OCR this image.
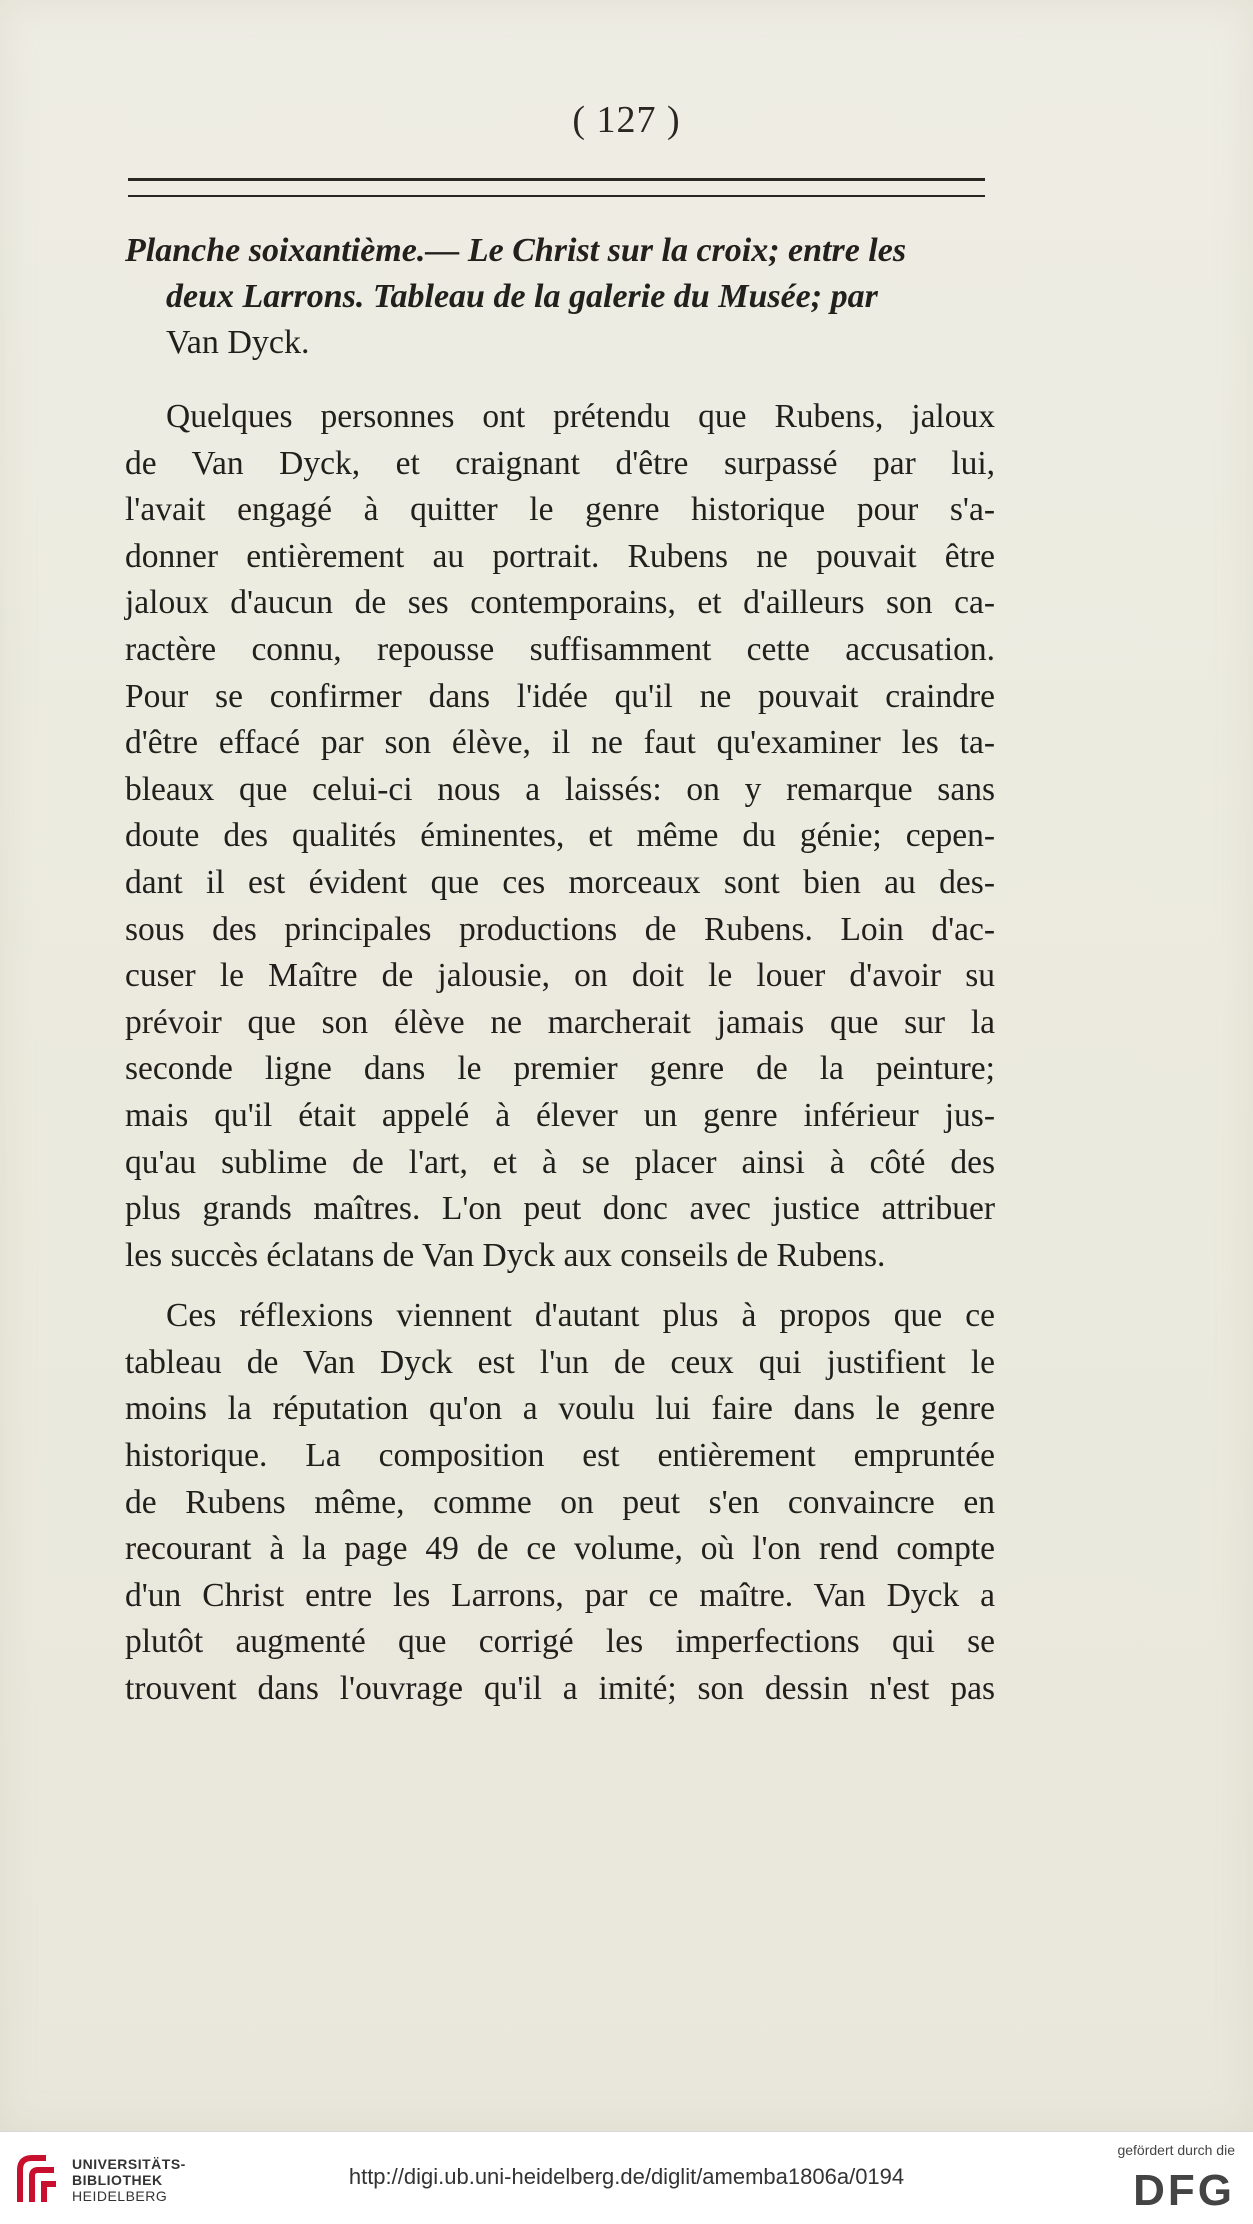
( 127 )
Planche soixantième.— Le Christ sur la croix; entre les
deux Larrons. Tableau de la galerie du Musée; par
Van Dyck.
Quelques personnes ont prétendu que Rubens, jaloux
de Van Dyck, et craignant d'être surpassé par lui,
l'avait engagé à quitter le genre historique pour s'a-
donner entièrement au portrait. Rubens ne pouvait être
jaloux d'aucun de ses contemporains, et d'ailleurs son ca-
ractère connu, repousse suffisamment cette accusation.
Pour se confirmer dans l'idée qu'il ne pouvait craindre
d'être effacé par son élève, il ne faut qu'examiner les ta-
bleaux que celui-ci nous a laissés: on y remarque sans
doute des qualités éminentes, et même du génie; cepen-
dant il est évident que ces morceaux sont bien au des-
sous des principales productions de Rubens. Loin d'ac-
cuser le Maître de jalousie, on doit le louer d'avoir su
prévoir que son élève ne marcherait jamais que sur la
seconde ligne dans le premier genre de la peinture;
mais qu'il était appelé à élever un genre inférieur jus-
qu'au sublime de l'art, et à se placer ainsi à côté des
plus grands maîtres. L'on peut donc avec justice attribuer
les succès éclatans de Van Dyck aux conseils de Rubens.
Ces réflexions viennent d'autant plus à propos que ce
tableau de Van Dyck est l'un de ceux qui justifient le
moins la réputation qu'on a voulu lui faire dans le genre
historique. La composition est entièrement empruntée
de Rubens même, comme on peut s'en convaincre en
recourant à la page 49 de ce volume, où l'on rend compte
d'un Christ entre les Larrons, par ce maître. Van Dyck a
plutôt augmenté que corrigé les imperfections qui se
trouvent dans l'ouvrage qu'il a imité; son dessin n'est pas
UNIVERSITÄTS-
BIBLIOTHEK
HEIDELBERG
http://digi.ub.uni-heidelberg.de/diglit/amemba1806a/0194
gefördert durch die
DFG
